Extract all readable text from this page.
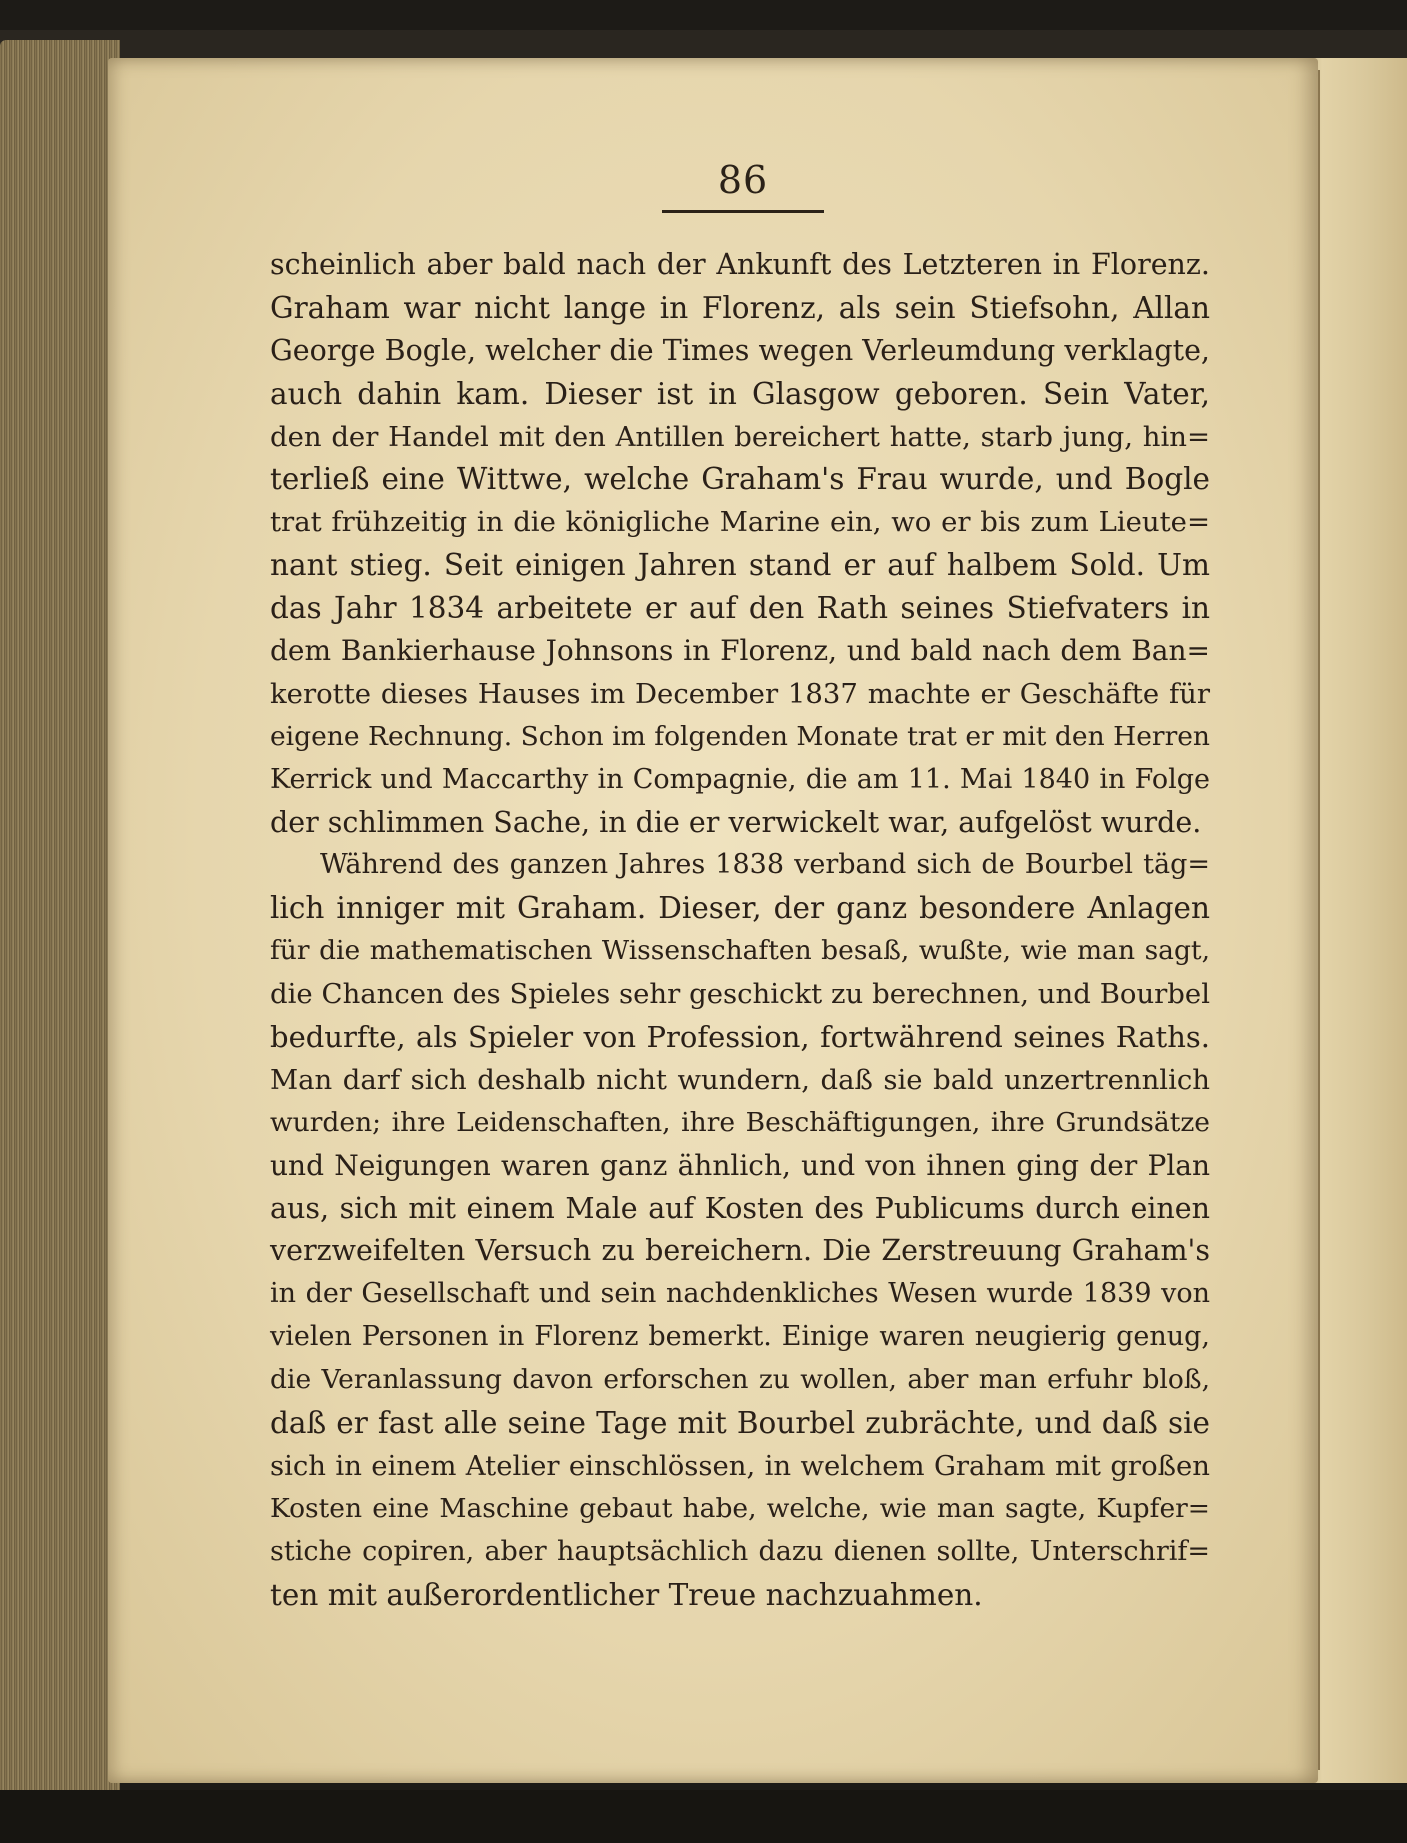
86
scheinlich aber bald nach der Ankunft des Letzteren in Florenz.
Graham war nicht lange in Florenz, als sein Stiefsohn, Allan
George Bogle, welcher die Times wegen Verleumdung verklagte,
auch dahin kam. Dieser ist in Glasgow geboren. Sein Vater,
den der Handel mit den Antillen bereichert hatte, starb jung, hin=
terließ eine Wittwe, welche Graham's Frau wurde, und Bogle
trat frühzeitig in die königliche Marine ein, wo er bis zum Lieute=
nant stieg. Seit einigen Jahren stand er auf halbem Sold. Um
das Jahr 1834 arbeitete er auf den Rath seines Stiefvaters in
dem Bankierhause Johnsons in Florenz, und bald nach dem Ban=
kerotte dieses Hauses im December 1837 machte er Geschäfte für
eigene Rechnung. Schon im folgenden Monate trat er mit den Herren
Kerrick und Maccarthy in Compagnie, die am 11. Mai 1840 in Folge
der schlimmen Sache, in die er verwickelt war, aufgelöst wurde.
Während des ganzen Jahres 1838 verband sich de Bourbel täg=
lich inniger mit Graham. Dieser, der ganz besondere Anlagen
für die mathematischen Wissenschaften besaß, wußte, wie man sagt,
die Chancen des Spieles sehr geschickt zu berechnen, und Bourbel
bedurfte, als Spieler von Profession, fortwährend seines Raths.
Man darf sich deshalb nicht wundern, daß sie bald unzertrennlich
wurden; ihre Leidenschaften, ihre Beschäftigungen, ihre Grundsätze
und Neigungen waren ganz ähnlich, und von ihnen ging der Plan
aus, sich mit einem Male auf Kosten des Publicums durch einen
verzweifelten Versuch zu bereichern. Die Zerstreuung Graham's
in der Gesellschaft und sein nachdenkliches Wesen wurde 1839 von
vielen Personen in Florenz bemerkt. Einige waren neugierig genug,
die Veranlassung davon erforschen zu wollen, aber man erfuhr bloß,
daß er fast alle seine Tage mit Bourbel zubrächte, und daß sie
sich in einem Atelier einschlössen, in welchem Graham mit großen
Kosten eine Maschine gebaut habe, welche, wie man sagte, Kupfer=
stiche copiren, aber hauptsächlich dazu dienen sollte, Unterschrif=
ten mit außerordentlicher Treue nachzuahmen.
